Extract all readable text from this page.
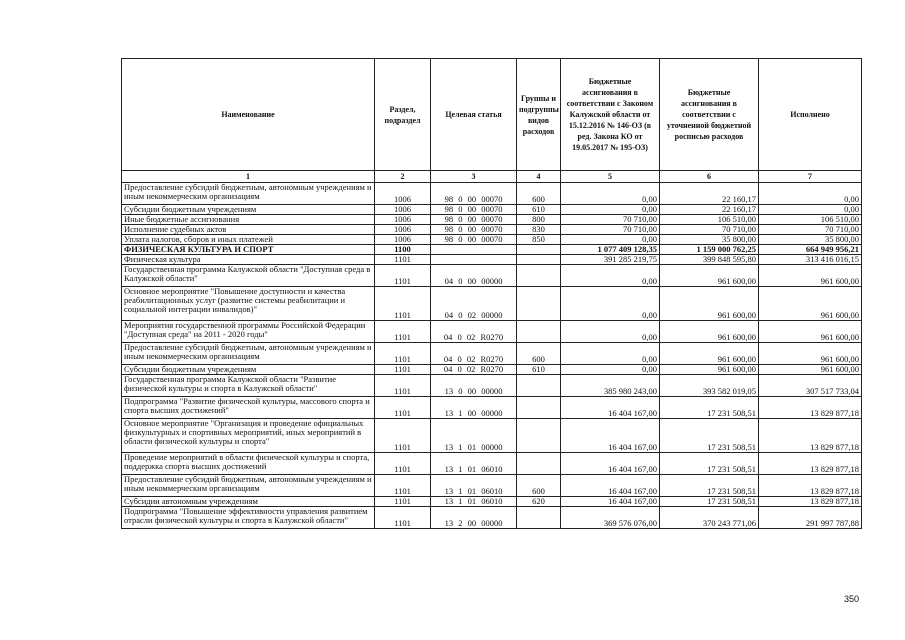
Наименование	Раздел, подраздел	Целевая статья	Группы и подгруппы видов расходов	Бюджетные ассигнования в соответствии с Законом Калужской области от 15.12.2016 № 146-ОЗ (в ред. Закона КО от 19.05.2017 № 195-ОЗ)	Бюджетные ассигнования в соответствии с уточненной бюджетной росписью расходов	Исполнено
1	2	3	4	5	6	7
Предоставление субсидий бюджетным, автономным учреждениям и иным некоммерческим организациям	1006	98 0 00 00070	600	0,00	22 160,17	0,00
Субсидии бюджетным учреждениям	1006	98 0 00 00070	610	0,00	22 160,17	0,00
Иные бюджетные ассигнования	1006	98 0 00 00070	800	70 710,00	106 510,00	106 510,00
Исполнение судебных актов	1006	98 0 00 00070	830	70 710,00	70 710,00	70 710,00
Уплата налогов, сборов и иных платежей	1006	98 0 00 00070	850	0,00	35 800,00	35 800,00
ФИЗИЧЕСКАЯ КУЛЬТУРА И СПОРТ	1100			1 077 409 128,35	1 159 000 762,25	664 949 956,21
Физическая культура	1101			391 285 219,75	399 848 595,80	313 416 016,15
Государственная программа Калужской области "Доступная среда в Калужской области"	1101	04 0 00 00000		0,00	961 600,00	961 600,00
Основное мероприятие "Повышение доступности и качества реабилитационных услуг (развитие системы реабилитации и социальной интеграции инвалидов)"	1101	04 0 02 00000		0,00	961 600,00	961 600,00
Мероприятия государственной программы Российской Федерации "Доступная среда" на 2011 - 2020 годы"	1101	04 0 02 R0270		0,00	961 600,00	961 600,00
Предоставление субсидий бюджетным, автономным учреждениям и иным некоммерческим организациям	1101	04 0 02 R0270	600	0,00	961 600,00	961 600,00
Субсидии бюджетным учреждениям	1101	04 0 02 R0270	610	0,00	961 600,00	961 600,00
Государственная программа Калужской области "Развитие физической культуры и спорта в Калужской области"	1101	13 0 00 00000		385 980 243,00	393 582 019,05	307 517 733,04
Подпрограмма "Развитие физической культуры, массового спорта и спорта высших достижений"	1101	13 1 00 00000		16 404 167,00	17 231 508,51	13 829 877,18
Основное мероприятие "Организация и проведение официальных физкультурных и спортивных мероприятий, иных мероприятий в области физической культуры и спорта"	1101	13 1 01 00000		16 404 167,00	17 231 508,51	13 829 877,18
Проведение мероприятий в области физической культуры и спорта, поддержка спорта высших достижений	1101	13 1 01 06010		16 404 167,00	17 231 508,51	13 829 877,18
Предоставление субсидий бюджетным, автономным учреждениям и иным некоммерческим организациям	1101	13 1 01 06010	600	16 404 167,00	17 231 508,51	13 829 877,18
Субсидии автономным учреждениям	1101	13 1 01 06010	620	16 404 167,00	17 231 508,51	13 829 877,18
Подпрограмма "Повышение эффективности управления развитием отрасли физической культуры и спорта в Калужской области"	1101	13 2 00 00000		369 576 076,00	370 243 771,06	291 997 787,88
350
